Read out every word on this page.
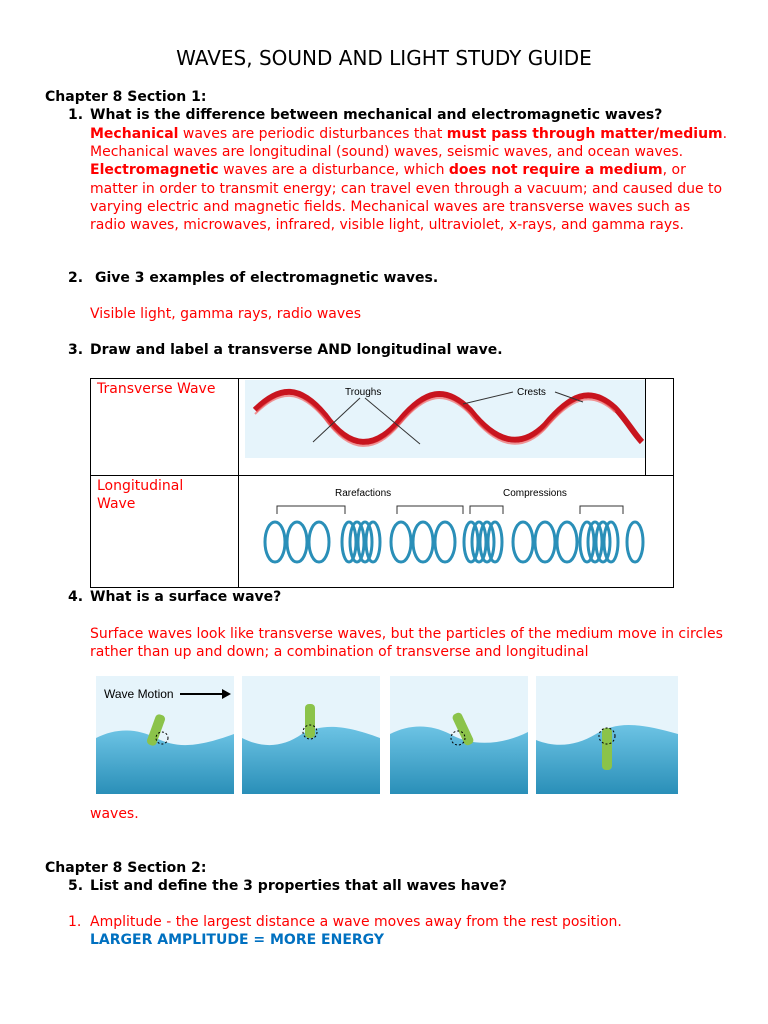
WAVES, SOUND AND LIGHT STUDY GUIDE
Chapter 8 Section 1:
1. What is the difference between mechanical and electromagnetic waves?
Mechanical waves are periodic disturbances that must pass through matter/medium. Mechanical waves are longitudinal (sound) waves, seismic waves, and ocean waves. Electromagnetic waves are a disturbance, which does not require a medium, or matter in order to transmit energy; can travel even through a vacuum; and caused due to varying electric and magnetic fields. Mechanical waves are transverse waves such as radio waves, microwaves, infrared, visible light, ultraviolet, x-rays, and gamma rays.
2. Give 3 examples of electromagnetic waves.
Visible light, gamma rays, radio waves
3. Draw and label a transverse AND longitudinal wave.
Transverse Wave	Troughs Crests	

Longitudinal Wave	Rarefactions Compressions	
4. What is a surface wave?
Surface waves look like transverse waves, but the particles of the medium move in circles rather than up and down; a combination of transverse and longitudinal
Wave Motion
waves.
Chapter 8 Section 2:
5. List and define the 3 properties that all waves have?
1. Amplitude - the largest distance a wave moves away from the rest position.
LARGER AMPLITUDE = MORE ENERGY
